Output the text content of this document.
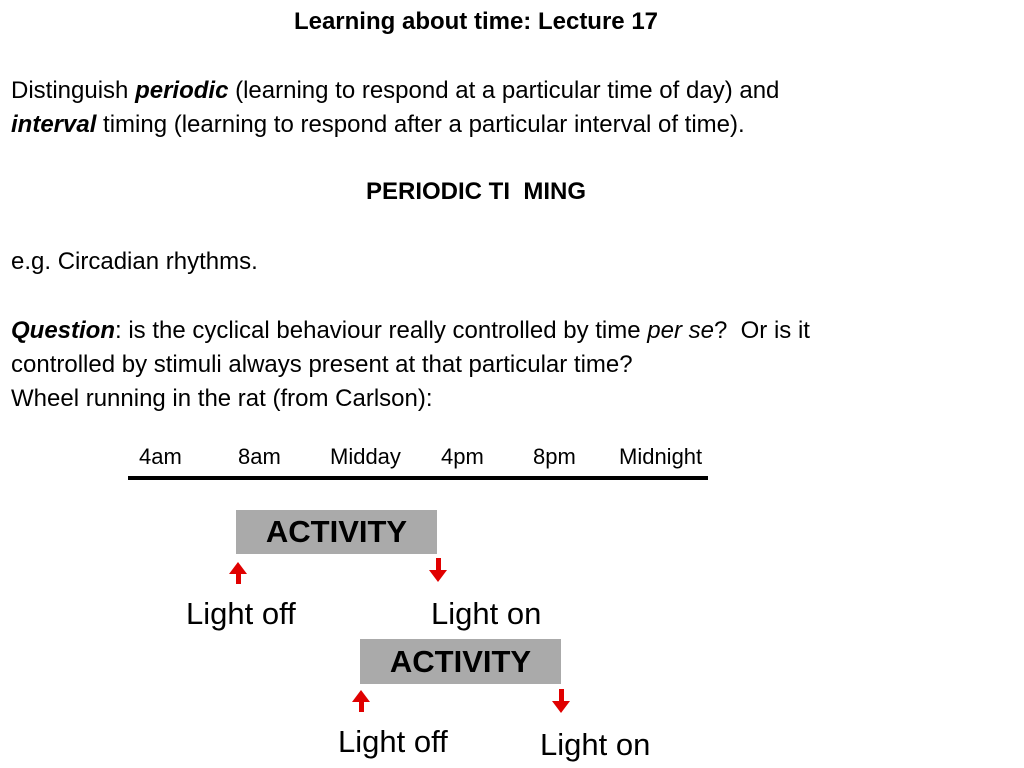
Learning about time: Lecture 17
Distinguish periodic (learning to respond at a particular time of day) and
interval timing (learning to respond after a particular interval of time).
PERIODIC TI  MING
e.g. Circadian rhythms.
Question: is the cyclical behaviour really controlled by time per se?  Or is it
controlled by stimuli always present at that particular time?
Wheel running in the rat (from Carlson):
4am	8am Midday 4pm 8pm Midnight
ACTIVITY
Light off	Light on
ACTIVITY
Light off	Light on
